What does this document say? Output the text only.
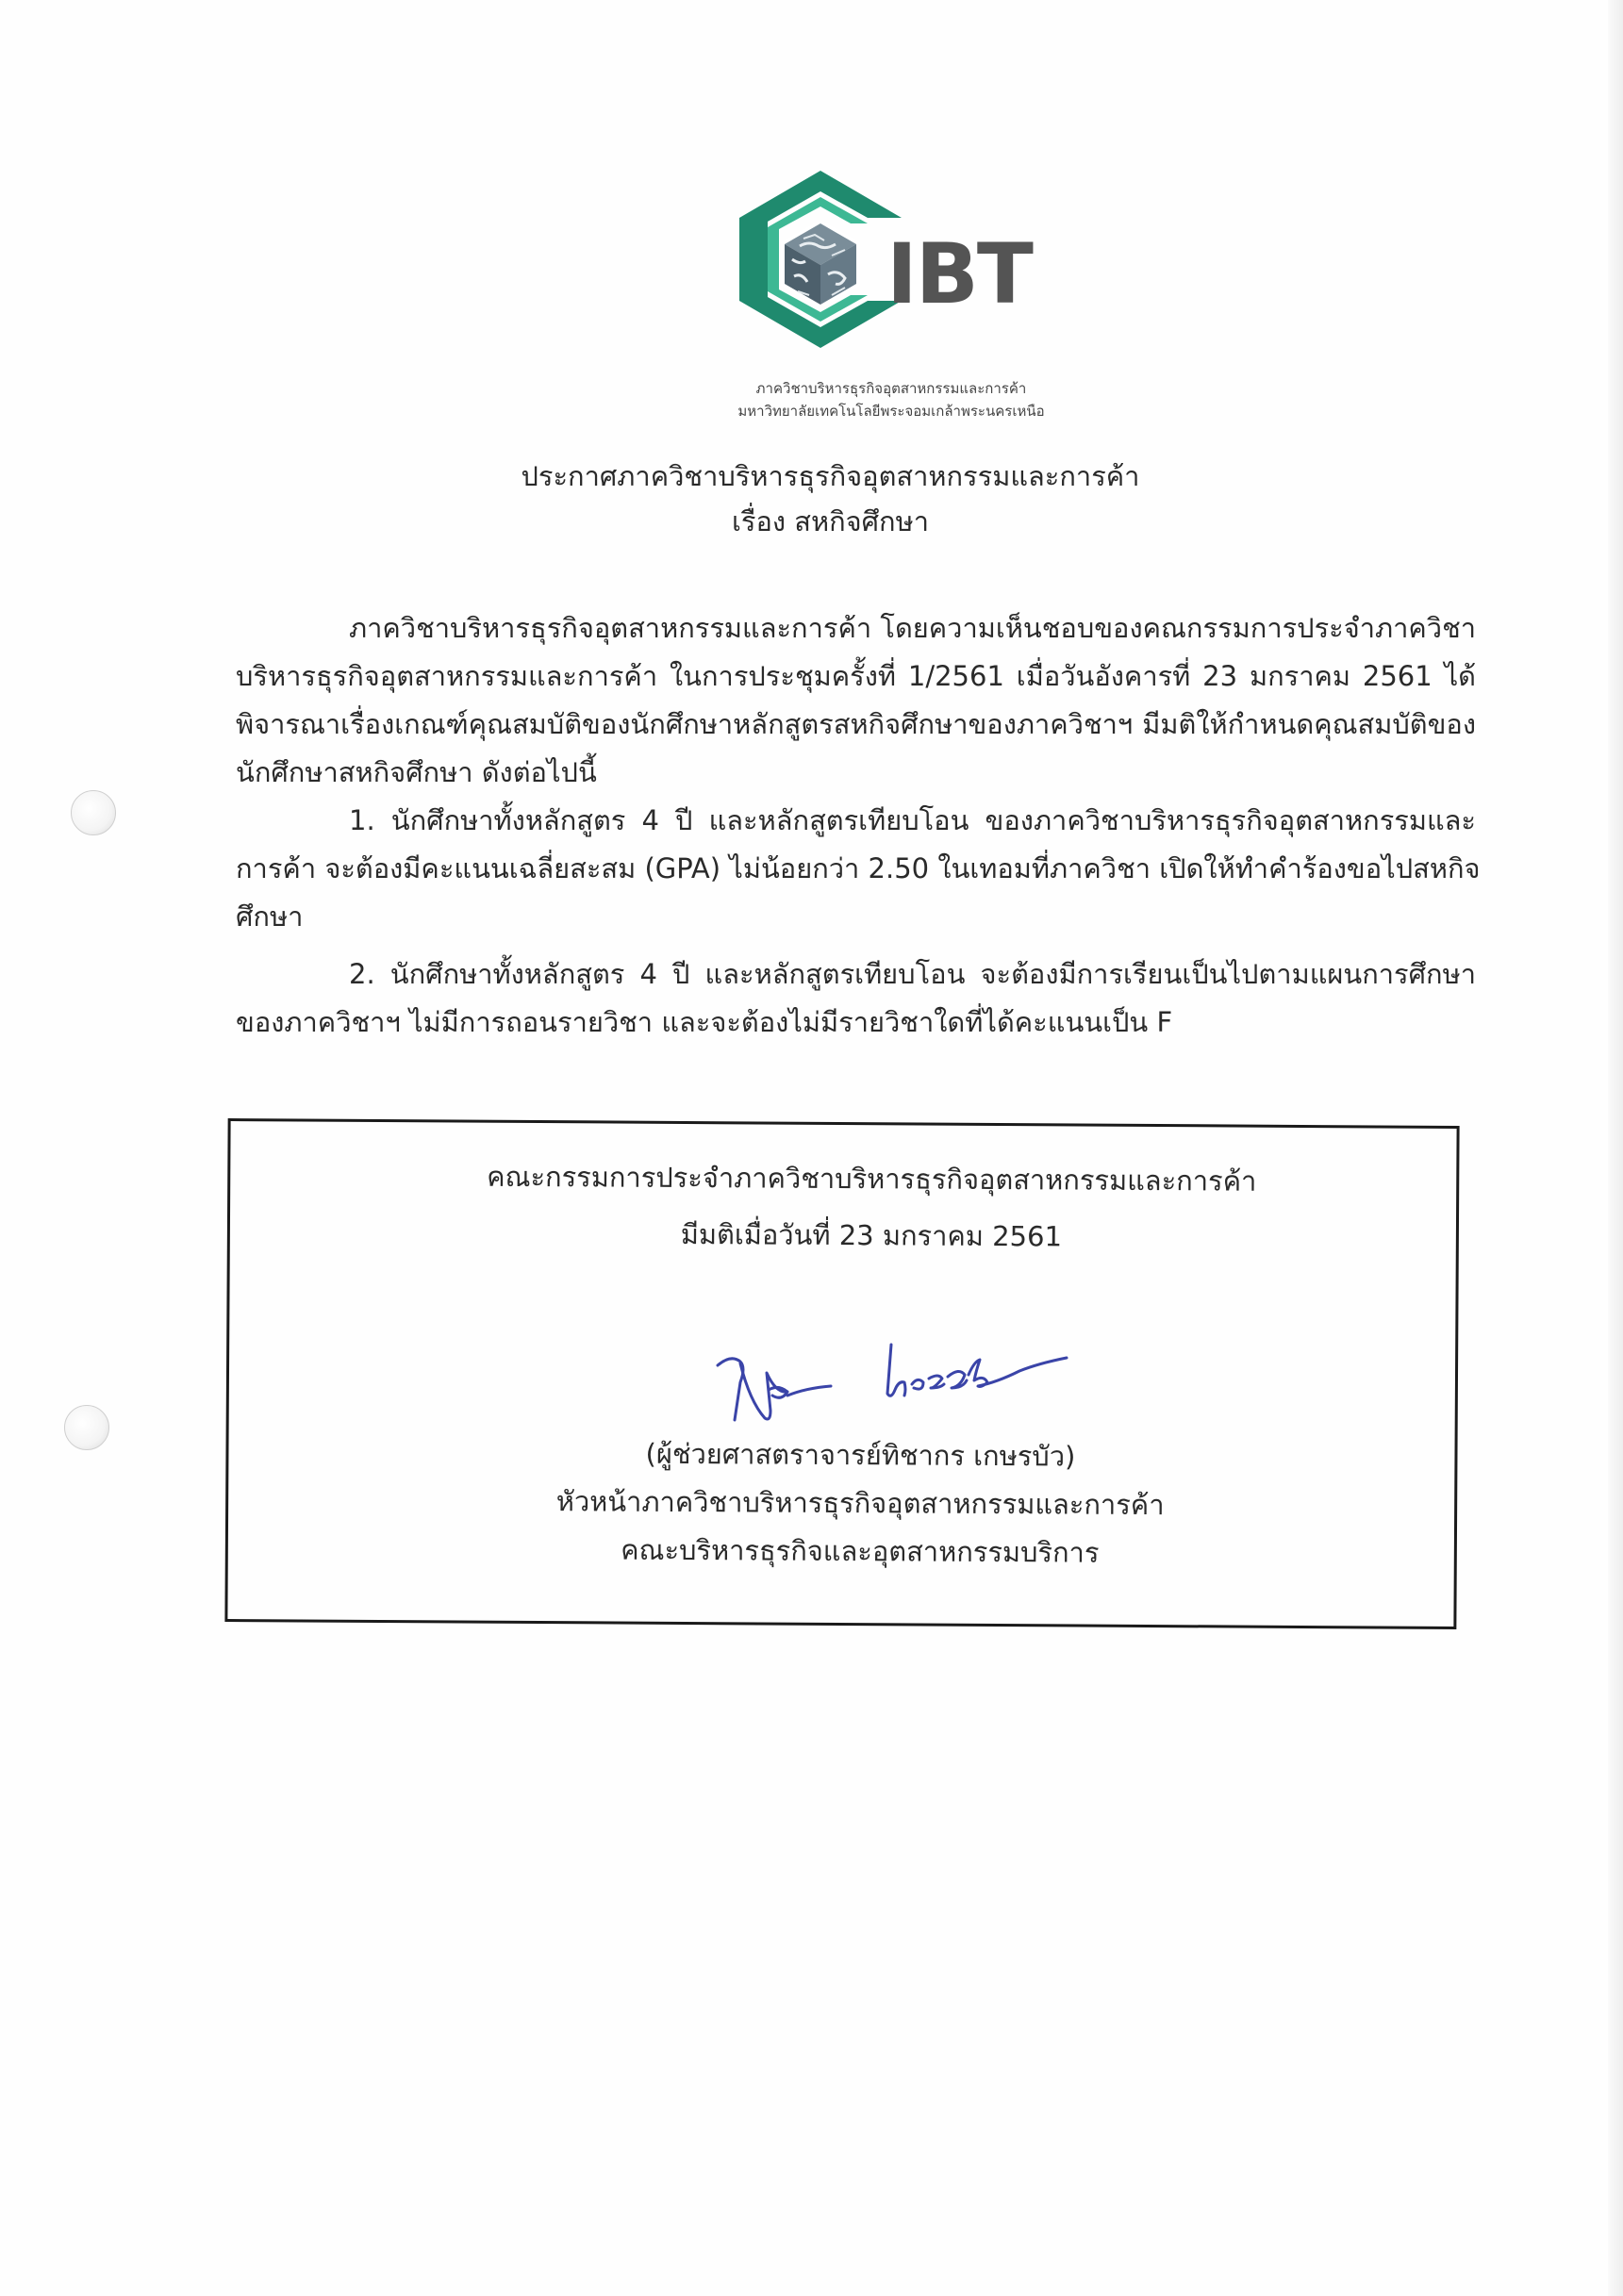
IBT
ภาควิชาบริหารธุรกิจอุตสาหกรรมและการค้า
มหาวิทยาลัยเทคโนโลยีพระจอมเกล้าพระนครเหนือ
ประกาศภาควิชาบริหารธุรกิจอุตสาหกรรมและการค้า
เรื่อง สหกิจศึกษา
ภาควิชาบริหารธุรกิจอุตสาหกรรมและการค้า โดยความเห็นชอบของคณกรรมการประจำภาควิชา
บริหารธุรกิจอุตสาหกรรมและการค้า ในการประชุมครั้งที่ 1/2561 เมื่อวันอังคารที่ 23 มกราคม 2561 ได้
พิจารณาเรื่องเกณฑ์คุณสมบัติของนักศึกษาหลักสูตรสหกิจศึกษาของภาควิชาฯ มีมติให้กำหนดคุณสมบัติของ
นักศึกษาสหกิจศึกษา ดังต่อไปนี้
1. นักศึกษาทั้งหลักสูตร 4 ปี และหลักสูตรเทียบโอน ของภาควิชาบริหารธุรกิจอุตสาหกรรมและ
การค้า จะต้องมีคะแนนเฉลี่ยสะสม (GPA) ไม่น้อยกว่า 2.50 ในเทอมที่ภาควิชา เปิดให้ทำคำร้องขอไปสหกิจ
ศึกษา
2. นักศึกษาทั้งหลักสูตร 4 ปี และหลักสูตรเทียบโอน จะต้องมีการเรียนเป็นไปตามแผนการศึกษา
ของภาควิชาฯ ไม่มีการถอนรายวิชา และจะต้องไม่มีรายวิชาใดที่ได้คะแนนเป็น F
คณะกรรมการประจำภาควิชาบริหารธุรกิจอุตสาหกรรมและการค้า
มีมติเมื่อวันที่ 23 มกราคม 2561
(ผู้ช่วยศาสตราจารย์ทิชากร เกษรบัว)
หัวหน้าภาควิชาบริหารธุรกิจอุตสาหกรรมและการค้า
คณะบริหารธุรกิจและอุตสาหกรรมบริการ
